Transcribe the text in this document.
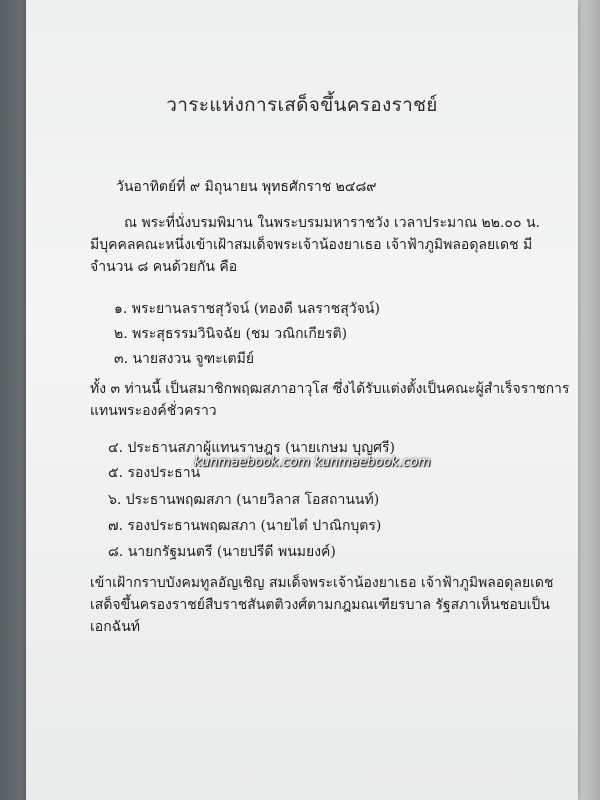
วาระแห่งการเสด็จขึ้นครองราชย์
วันอาทิตย์ที่ ๙ มิถุนายน พุทธศักราช ๒๔๘๙
ณ พระที่นั่งบรมพิมาน ในพระบรมมหาราชวัง เวลาประมาณ ๒๒.๐๐ น.
มีบุคคลคณะหนึ่งเข้าเฝ้าสมเด็จพระเจ้าน้องยาเธอ เจ้าฟ้าภูมิพลอดุลยเดช มีจำนวน ๘ คนด้วยกัน คือ
๑. พระยานลราชสุวัจน์ (ทองดี นลราชสุวัจน์)
๒. พระสุธรรมวินิจฉัย (ชม วณิกเกียรติ)
๓. นายสงวน จูฑะเตมีย์
ทั้ง ๓ ท่านนี้ เป็นสมาชิกพฤฒสภาอาวุโส ซึ่งได้รับแต่งตั้งเป็นคณะผู้สำเร็จราชการแทนพระองค์ชั่วคราว
๔. ประธานสภาผู้แทนราษฎร (นายเกษม บุญศรี)
๕. รองประธาน
๖. ประธานพฤฒสภา (นายวิลาส โอสถานนท์)
๗. รองประธานพฤฒสภา (นายไต๋ ปาณิกบุตร)
๘. นายกรัฐมนตรี (นายปรีดี พนมยงค์)
เข้าเฝ้ากราบบังคมทูลอัญเชิญ สมเด็จพระเจ้าน้องยาเธอ เจ้าฟ้าภูมิพลอดุลยเดช เสด็จขึ้นครองราชย์สืบราชสันตติวงศ์ตามกฎมณเฑียรบาล รัฐสภาเห็นชอบเป็นเอกฉันท์
kunmaebook.com kunmaebook.com
